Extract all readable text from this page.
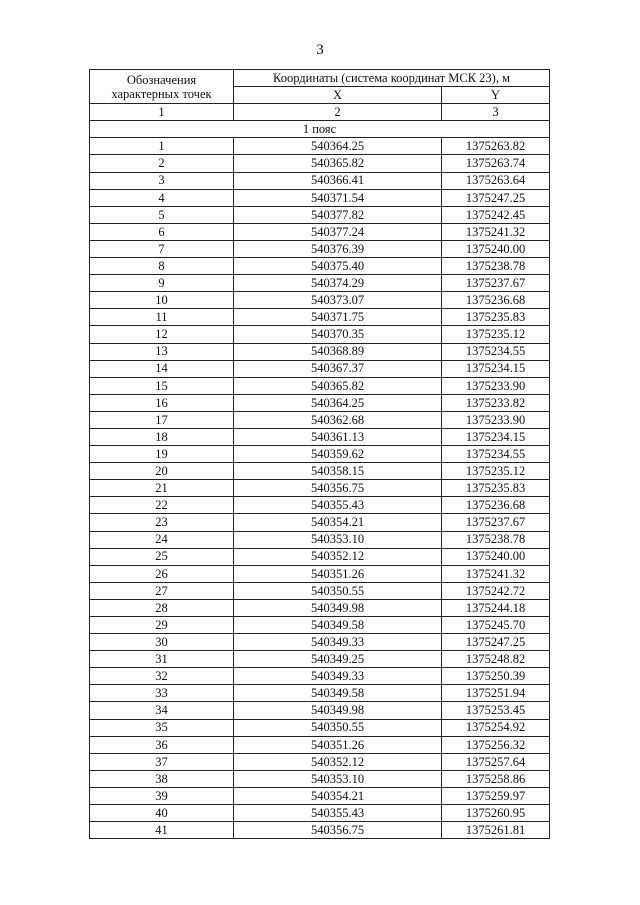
3
Обозначения
характерных точек	Координаты (система координат МСК 23), м	
	X	Y
1	2	3
1 пояс		
1	540364.25	1375263.82
2	540365.82	1375263.74
3	540366.41	1375263.64
4	540371.54	1375247.25
5	540377.82	1375242.45
6	540377.24	1375241.32
7	540376.39	1375240.00
8	540375.40	1375238.78
9	540374.29	1375237.67
10	540373.07	1375236.68
11	540371.75	1375235.83
12	540370.35	1375235.12
13	540368.89	1375234.55
14	540367.37	1375234.15
15	540365.82	1375233.90
16	540364.25	1375233.82
17	540362.68	1375233.90
18	540361.13	1375234.15
19	540359.62	1375234.55
20	540358.15	1375235.12
21	540356.75	1375235.83
22	540355.43	1375236.68
23	540354.21	1375237.67
24	540353.10	1375238.78
25	540352.12	1375240.00
26	540351.26	1375241.32
27	540350.55	1375242.72
28	540349.98	1375244.18
29	540349.58	1375245.70
30	540349.33	1375247.25
31	540349.25	1375248.82
32	540349.33	1375250.39
33	540349.58	1375251.94
34	540349.98	1375253.45
35	540350.55	1375254.92
36	540351.26	1375256.32
37	540352.12	1375257.64
38	540353.10	1375258.86
39	540354.21	1375259.97
40	540355.43	1375260.95
41	540356.75	1375261.81
